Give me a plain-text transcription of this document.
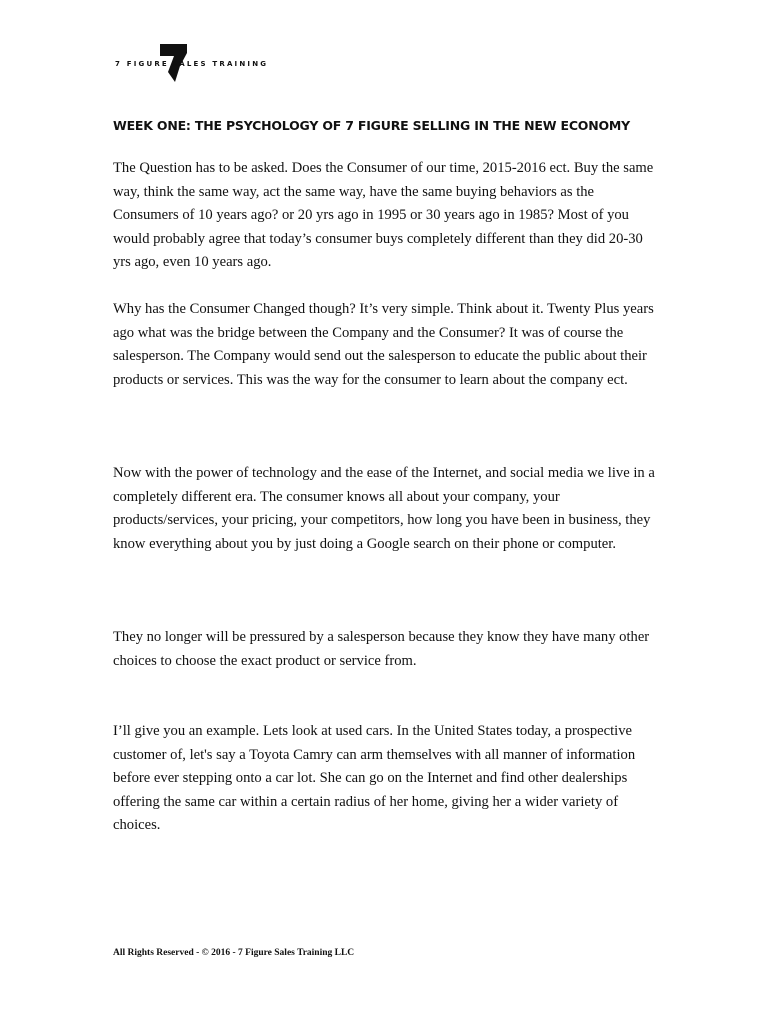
7 FIGURE SALES TRAINING
WEEK ONE: THE PSYCHOLOGY OF 7 FIGURE SELLING IN THE NEW ECONOMY

The Question has to be asked. Does the Consumer of our time, 2015-2016 ect. Buy the same way, think the same way, act the same way, have the same buying behaviors as the Consumers of 10 years ago? or 20 yrs ago in 1995 or 30 years ago in 1985? Most of you would probably agree that today’s consumer buys completely different than they did 20-30 yrs ago, even 10 years ago.

Why has the Consumer Changed though? It’s very simple. Think about it. Twenty Plus years ago what was the bridge between the Company and the Consumer? It was of course the salesperson. The Company would send out the salesperson to educate the public about their products or services. This was the way for the consumer to learn about the company ect.

Now with the power of technology and the ease of the Internet, and social media we live in a completely different era. The consumer knows all about your company, your products/services, your pricing, your competitors, how long you have been in business, they know everything about you by just doing a Google search on their phone or computer.

They no longer will be pressured by a salesperson because they know they have many other choices to choose the exact product or service from.

I’ll give you an example. Lets look at used cars. In the United States today, a prospective customer of, let's say a Toyota Camry can arm themselves with all manner of information before ever stepping onto a car lot. She can go on the Internet and find other dealerships offering the same car within a certain radius of her home, giving her a wider variety of choices.

All Rights Reserved - © 2016 - 7 Figure Sales Training LLC
